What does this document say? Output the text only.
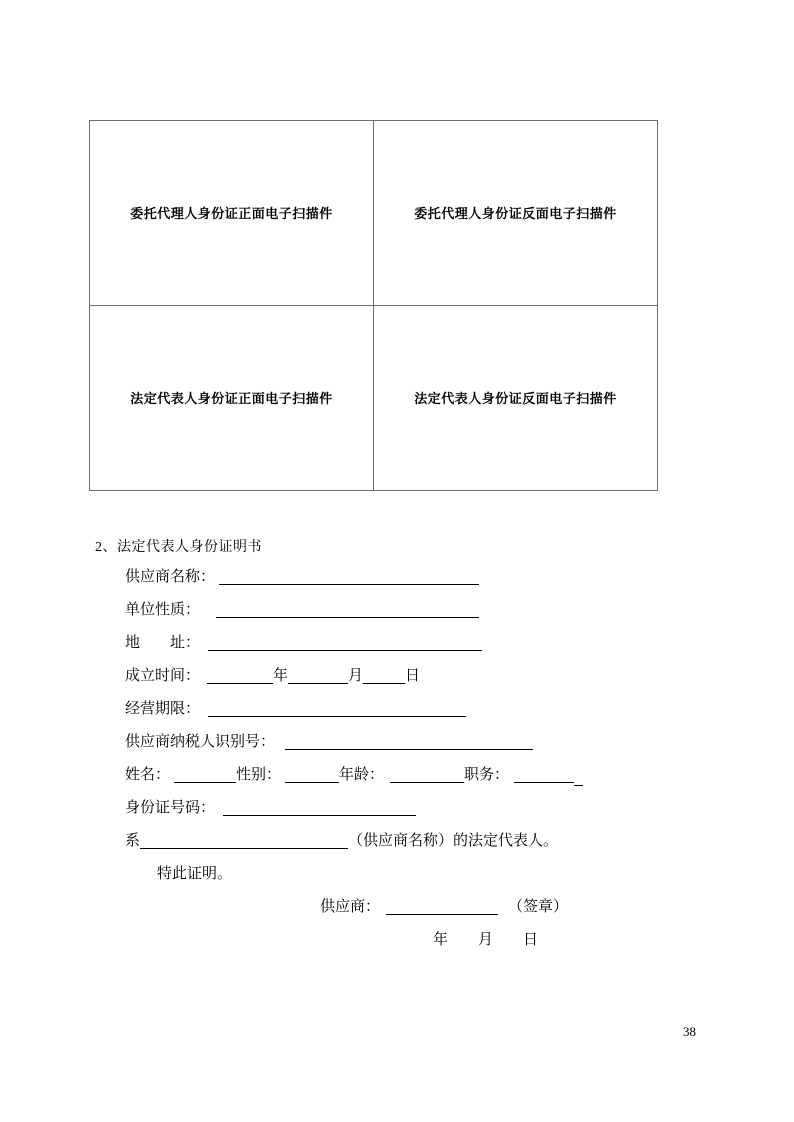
委托代理人身份证正面电子扫描件	委托代理人身份证反面电子扫描件
法定代表人身份证正面电子扫描件	法定代表人身份证反面电子扫描件
2、法定代表人身份证明书
供应商名称：
单位性质：
地　　址：
成立时间：	年	月	日
经营期限：
供应商纳税人识别号：
姓名：	性别：	年龄：	职务：
身份证号码：
系	（供应商名称）的法定代表人。
特此证明。
供应商：	（签章）
年　　月　　日
38
